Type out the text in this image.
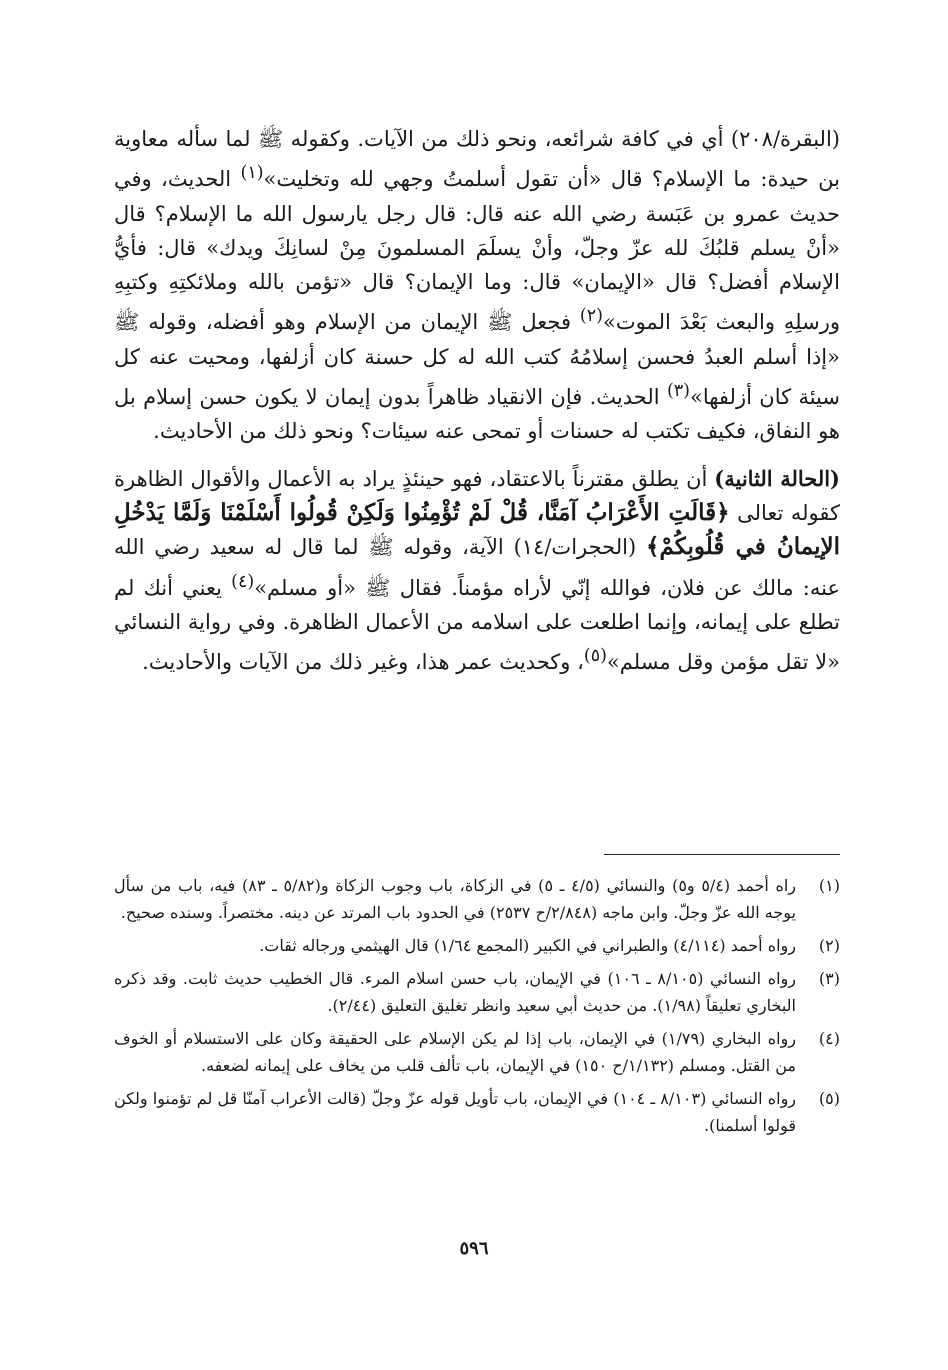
(البقرة/٢٠٨) أي في كافة شرائعه، ونحو ذلك من الآيات. وكقوله ﷺ لما سأله معاوية بن حيدة: ما الإسلام؟ قال «أن تقول أسلمتُ وجهي لله وتخليت»$^{(١)}$ الحديث، وفي حديث عمرو بن عَبَسة رضي الله عنه قال: قال رجل يارسول الله ما الإسلام؟ قال «أنْ يسلم قلبُكَ لله عزّ وجلّ، وأنْ يسلَمَ المسلمونَ مِنْ لسانِكَ ويدك» قال: فأيُّ الإسلام أفضل؟ قال «الإيمان» قال: وما الإيمان؟ قال «تؤمن بالله وملائكتِهِ وكتبِهِ ورسلِهِ والبعث بَعْدَ الموت»$^{(٢)}$ فجعل ﷺ الإيمان من الإسلام وهو أفضله، وقوله ﷺ «إذا أسلم العبدُ فحسن إسلامُهُ كتب الله له كل حسنة كان أزلفها، ومحيت عنه كل سيئة كان أزلفها»$^{(٣)}$ الحديث. فإن الانقياد ظاهراً بدون إيمان لا يكون حسن إسلام بل هو النفاق، فكيف تكتب له حسنات أو تمحى عنه سيئات؟ ونحو ذلك من الأحاديث.

(الحالة الثانية) أن يطلق مقترناً بالاعتقاد، فهو حينئذٍ يراد به الأعمال والأقوال الظاهرة كقوله تعالى ﴿قَالَتِ الأَعْرَابُ آمَنَّا، قُلْ لَمْ تُؤْمِنُوا وَلَكِنْ قُولُوا أَسْلَمْنَا وَلَمَّا يَدْخُلِ الإيمانُ في قُلُوبِكُمْ﴾ (الحجرات/١٤) الآية، وقوله ﷺ لما قال له سعيد رضي الله عنه: مالك عن فلان، فوالله إنّي لأراه مؤمناً. فقال ﷺ «أو مسلم»$^{(٤)}$ يعني أنك لم تطلع على إيمانه، وإنما اطلعت على اسلامه من الأعمال الظاهرة. وفي رواية النسائي «لا تقل مؤمن وقل مسلم»$^{(٥)}$، وكحديث عمر هذا، وغير ذلك من الآيات والأحاديث.

(١)
راه أحمد (٥/٤ و٥) والنسائي (٤/٥ ـ ٥) في الزكاة، باب وجوب الزكاة و(٥/٨٢ ـ ٨٣) فيه، باب من سأل يوجه الله عزّ وجلّ. وابن ماجه (٢/٨٤٨/ح ٢٥٣٧) في الحدود باب المرتد عن دينه. مختصراً. وسنده صحيح.
(٢)
رواه أحمد (٤/١١٤) والطبراني في الكبير (المجمع ١/٦٤) قال الهيثمي ورجاله ثقات.
(٣)
رواه النسائي (٨/١٠٥ ـ ١٠٦) في الإيمان، باب حسن اسلام المرء. قال الخطيب حديث ثابت. وقد ذكره البخاري تعليقاً (١/٩٨). من حديث أبي سعيد وانظر تغليق التعليق (٢/٤٤).
(٤)
رواه البخاري (١/٧٩) في الإيمان، باب إذا لم يكن الإسلام على الحقيقة وكان على الاستسلام أو الخوف من القتل. ومسلم (١/١٣٢/ح ١٥٠) في الإيمان، باب تألف قلب من يخاف على إيمانه لضعفه.
(٥)
رواه النسائي (٨/١٠٣ ـ ١٠٤) في الإيمان، باب تأويل قوله عزّ وجلّ (قالت الأعراب آمنّا قل لم تؤمنوا ولكن قولوا أسلمنا).
٥٩٦
